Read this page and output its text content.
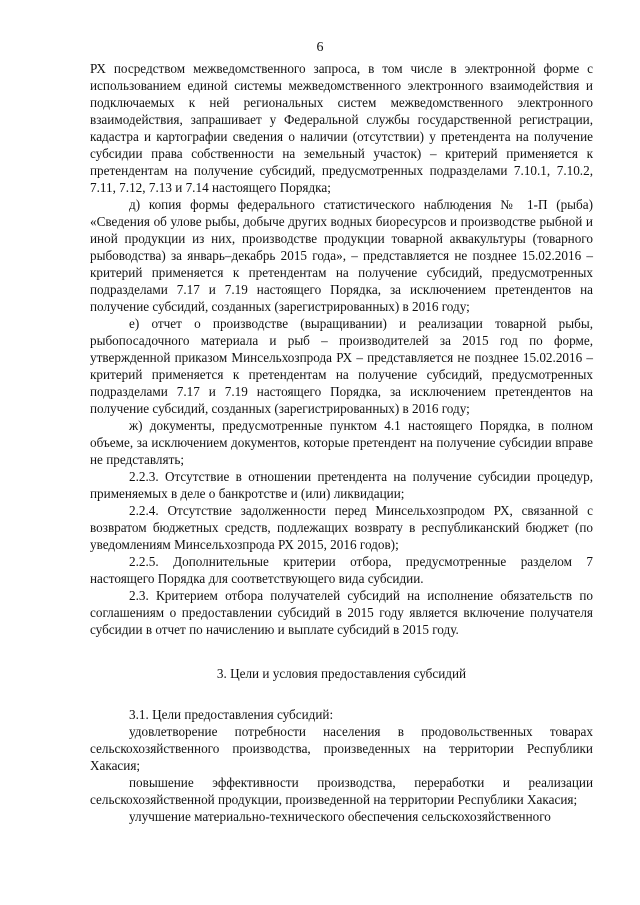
6

РХ посредством межведомственного запроса, в том числе в электронной форме с использованием единой системы межведомственного электронного взаимодействия и подключаемых к ней региональных систем межведомственного электронного взаимодействия, запрашивает у Федеральной службы государственной регистрации, кадастра и картографии сведения о наличии (отсутствии) у претендента на получение субсидии права собственности на земельный участок) – критерий применяется к претендентам на получение субсидий, предусмотренных подразделами 7.10.1, 7.10.2, 7.11, 7.12, 7.13 и 7.14 настоящего Порядка;

д) копия формы федерального статистического наблюдения № 1-П (рыба) «Сведения об улове рыбы, добыче других водных биоресурсов и производстве рыбной и иной продукции из них, производстве продукции товарной аквакультуры (товарного рыбоводства) за январь–декабрь 2015 года», – представляется не позднее 15.02.2016 – критерий применяется к претендентам на получение субсидий, предусмотренных подразделами 7.17 и 7.19 настоящего Порядка, за исключением претендентов на получение субсидий, созданных (зарегистрированных) в 2016 году;

е) отчет о производстве (выращивании) и реализации товарной рыбы, рыбопосадочного материала и рыб – производителей за 2015 год по форме, утвержденной приказом Минсельхозпрода РХ – представляется не позднее 15.02.2016 – критерий применяется к претендентам на получение субсидий, предусмотренных подразделами 7.17 и 7.19 настоящего Порядка, за исключением претендентов на получение субсидий, созданных (зарегистрированных) в 2016 году;

ж) документы, предусмотренные пунктом 4.1 настоящего Порядка, в полном объеме, за исключением документов, которые претендент на получение субсидии вправе не представлять;

2.2.3. Отсутствие в отношении претендента на получение субсидии процедур, применяемых в деле о банкротстве и (или) ликвидации;

2.2.4. Отсутствие задолженности перед Минсельхозпродом РХ, связанной с возвратом бюджетных средств, подлежащих возврату в республиканский бюджет (по уведомлениям Минсельхозпрода РХ 2015, 2016 годов);

2.2.5. Дополнительные критерии отбора, предусмотренные разделом 7 настоящего Порядка для соответствующего вида субсидии.

2.3. Критерием отбора получателей субсидий на исполнение обязательств по соглашениям о предоставлении субсидий в 2015 году является включение получателя субсидии в отчет по начислению и выплате субсидий в 2015 году.

3. Цели и условия предоставления субсидий

3.1. Цели предоставления субсидий:

удовлетворение потребности населения в продовольственных товарах сельскохозяйственного производства, произведенных на территории Республики Хакасия;

повышение эффективности производства, переработки и реализации сельскохозяйственной продукции, произведенной на территории Республики Хакасия;

улучшение материально-технического обеспечения сельскохозяйственного
